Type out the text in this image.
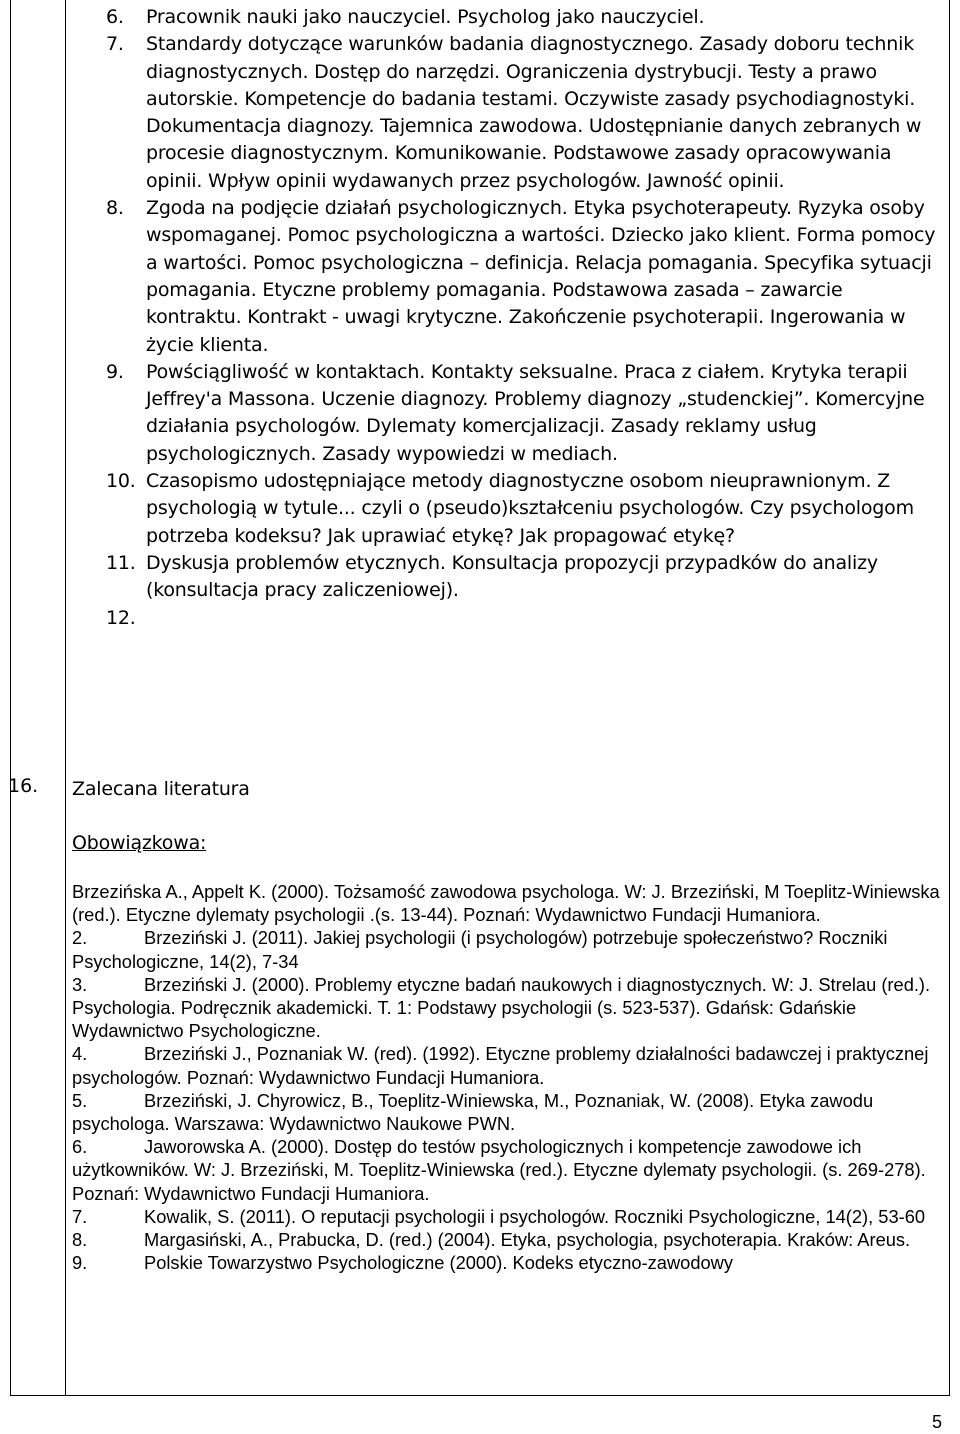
6. Pracownik nauki jako nauczyciel. Psycholog jako nauczyciel.
7. Standardy dotyczące warunków badania diagnostycznego. Zasady doboru technik diagnostycznych. Dostęp do narzędzi. Ograniczenia dystrybucji. Testy a prawo autorskie. Kompetencje do badania testami. Oczywiste zasady psychodiagnostyki. Dokumentacja diagnozy. Tajemnica zawodowa. Udostępnianie danych zebranych w procesie diagnostycznym. Komunikowanie. Podstawowe zasady opracowywania opinii. Wpływ opinii wydawanych przez psychologów. Jawność opinii.
8. Zgoda na podjęcie działań psychologicznych. Etyka psychoterapeuty. Ryzyka osoby wspomaganej. Pomoc psychologiczna a wartości. Dziecko jako klient. Forma pomocy a wartości. Pomoc psychologiczna – definicja. Relacja pomagania. Specyfika sytuacji pomagania. Etyczne problemy pomagania. Podstawowa zasada – zawarcie kontraktu. Kontrakt - uwagi krytyczne. Zakończenie psychoterapii. Ingerowania w życie klienta.
9. Powściągliwość w kontaktach. Kontakty seksualne. Praca z ciałem. Krytyka terapii Jeffrey'a Massona. Uczenie diagnozy. Problemy diagnozy „studenckiej”. Komercyjne działania psychologów. Dylematy komercjalizacji. Zasady reklamy usług psychologicznych. Zasady wypowiedzi w mediach.
10. Czasopismo udostępniające metody diagnostyczne osobom nieuprawnionym. Z psychologią w tytule... czyli o (pseudo)kształceniu psychologów. Czy psychologom potrzeba kodeksu? Jak uprawiać etykę? Jak propagować etykę?
11. Dyskusja problemów etycznych. Konsultacja propozycji przypadków do analizy (konsultacja pracy zaliczeniowej).
12.
16. Zalecana literatura
Obowiązkowa:

Brzezińska A., Appelt K. (2000). Tożsamość zawodowa psychologa. W: J. Brzeziński, M Toeplitz-Winiewska (red.). Etyczne dylematy psychologii .(s. 13-44). Poznań: Wydawnictwo Fundacji Humaniora.

2.	Brzeziński J. (2011). Jakiej psychologii (i psychologów) potrzebuje społeczeństwo? Roczniki Psychologiczne, 14(2), 7-34

3.	Brzeziński J. (2000). Problemy etyczne badań naukowych i diagnostycznych. W: J. Strelau (red.). Psychologia. Podręcznik akademicki. T. 1: Podstawy psychologii (s. 523-537). Gdańsk: Gdańskie Wydawnictwo Psychologiczne.

4.	Brzeziński J., Poznaniak W. (red). (1992). Etyczne problemy działalności badawczej i praktycznej psychologów. Poznań: Wydawnictwo Fundacji Humaniora.

5.	Brzeziński, J. Chyrowicz, B., Toeplitz-Winiewska, M., Poznaniak, W. (2008). Etyka zawodu psychologa. Warszawa: Wydawnictwo Naukowe PWN.

6.	Jaworowska A. (2000). Dostęp do testów psychologicznych i kompetencje zawodowe ich użytkowników. W: J. Brzeziński, M. Toeplitz-Winiewska (red.). Etyczne dylematy psychologii. (s. 269-278). Poznań: Wydawnictwo Fundacji Humaniora.

7.	Kowalik, S. (2011). O reputacji psychologii i psychologów. Roczniki Psychologiczne, 14(2), 53-60

8.	Margasiński, A., Prabucka, D. (red.) (2004). Etyka, psychologia, psychoterapia. Kraków: Areus.

9.	Polskie Towarzystwo Psychologiczne (2000). Kodeks etyczno-zawodowy

5
